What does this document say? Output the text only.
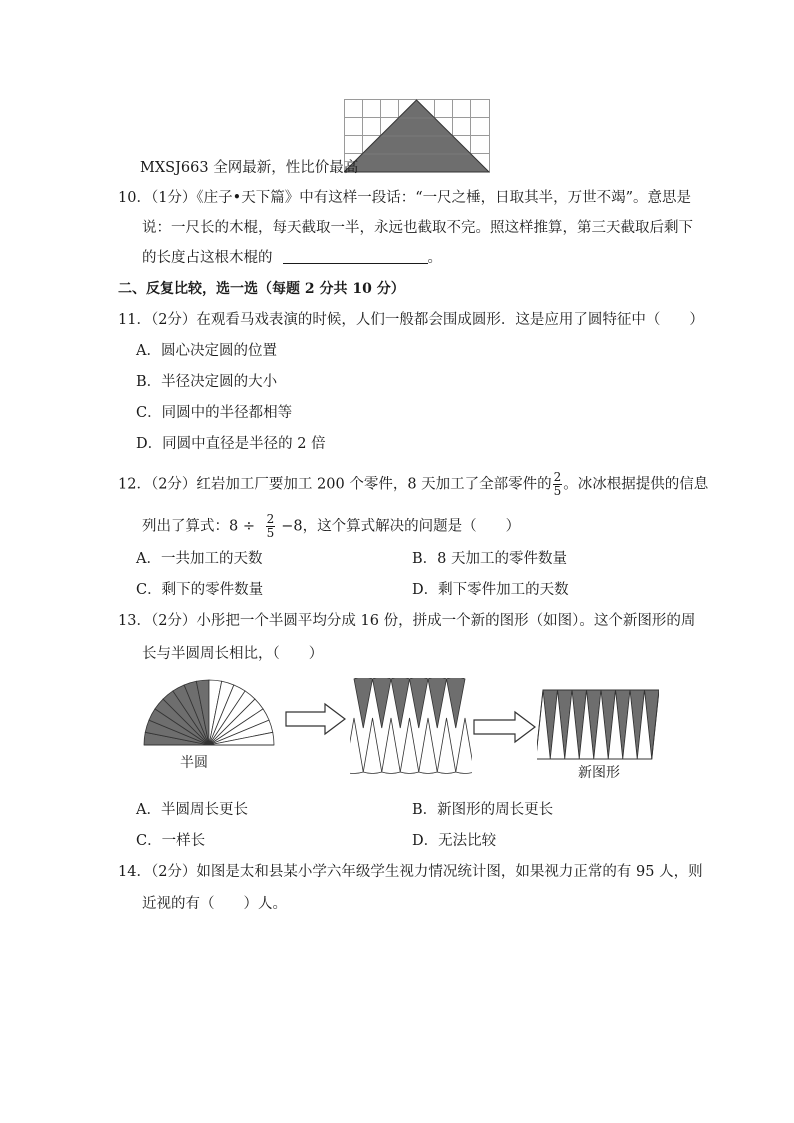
MXSJ663 全网最新，性比价最高
10．（1分）《庄子•天下篇》中有这样一段话：“一尺之棰，日取其半，万世不竭”。意思是
说：一尺长的木棍，每天截取一半，永远也截取不完。照这样推算，第三天截取后剩下
的长度占这根木棍的	。
二、反复比较，选一选（每题 2 分共 10 分）
11．（2分）在观看马戏表演的时候，人们一般都会围成圆形．这是应用了圆特征中（　　）
A．圆心决定圆的位置
B．半径决定圆的大小
C．同圆中的半径都相等
D．同圆中直径是半径的 2 倍
12．（2分）红岩加工厂要加工 200 个零件，8 天加工了全部零件的 $\frac{2}{5}$ 。冰冰根据提供的信息
列出了算式：$8 \div \frac{2}{5} -8$，这个算式解决的问题是（　　）
A．一共加工的天数	B．8 天加工的零件数量
C．剩下的零件数量	D．剩下零件加工的天数
13．（2分）小彤把一个半圆平均分成 16 份，拼成一个新的图形（如图）。这个新图形的周
长与半圆周长相比，（　　）
半圆
新图形
A．半圆周长更长	B．新图形的周长更长
C．一样长	D．无法比较
14．（2分）如图是太和县某小学六年级学生视力情况统计图，如果视力正常的有 95 人，则
近视的有（　　）人。
